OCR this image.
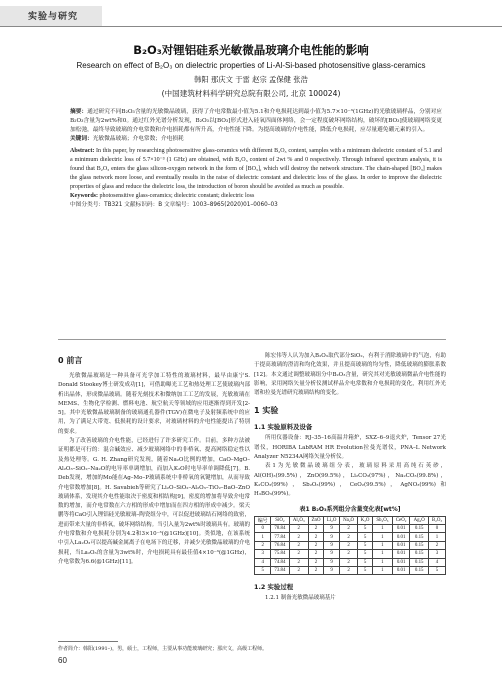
实验与研究
B₂O₃对锂铝硅系光敏微晶玻璃介电性能的影响
Research on effect of B₂O₃ on dielectric properties of Li-Al-Si-based photosensitive glass-ceramics
韩阳 那庆文 于雷 赵宗 孟保健 张浩
(中国建筑材料科学研究总院有限公司, 北京 100024)
摘要：通过研究不同B₂O₃含量的光敏微晶玻璃，获得了介电常数最小值为5.1和介电损耗达到最小值为5.7×10⁻³(1GHz)的光敏玻璃样品，分别对应B₂O₃含量为2wt%和0。通过红外光谱分析发现，B₂O₃以[BO₃]形式进入硅氧四面体网络，会一定程度破坏网络结构，破坏的[BO₃]使玻璃网络变更加松弛，最终导致玻璃的介电常数和介电损耗都有所升高，介电性能下降。为提高玻璃的介电性能，降低介电损耗，应尽量避免硼元素的引入。
关键词：光敏微晶玻璃；介电常数；介电损耗
Abstract: In this paper, by researching photosensitive glass-ceramics with different B₂O₃ content, samples with a minimum dielectric constant of 5.1 and a minimum dielectric loss of 5.7×10⁻³ (1 GHz) are obtained, with B₂O₃ content of 2wt % and 0 respectively. Through infrared spectrum analysis, it is found that B₂O₃ enters the glass silicon-oxygen network in the form of [BO₃], which will destroy the network structure. The chain-shaped [BO₃] makes the glass network more loose, and eventually results in the raise of dielectric constant and dielectric loss of the glass. In order to improve the dielectric properties of glass and reduce the dielectric loss, the introduction of boron should be avoided as much as possible.
Keywords: photosensitive glass-ceramics; dielectric constant; dielectric loss
中图分类号：TB321 文献标识码：B 文章编号：1003–8965(2020)01–0060–03
0 前言

光敏微晶玻璃是一种具备可光学加工特性的玻璃材料，最早由康宁S. Donald Stookey博士研发成功[1]，可借助曝光工艺和热处理工艺使玻璃内部析出晶体，形成微晶玻璃。随着光刻技术和微纳加工工艺的发展，光敏玻璃在MEMS、生物化学检测、燃料电池、航空航天等领域的应用逐渐得到开发[2-5]。其中光敏微晶玻璃制备的玻璃通孔器件(TGV)在微电子及射频系统中的应用，为了满足大带宽、低损耗的设计要求，对玻璃材料的介电性能提出了特别的要求。

为了改善玻璃的介电性能，已经进行了许多研究工作。目前，多种方法被证明都是可行的：混合碱效应、减少玻璃网络中的非桥氧、提高网络稳定性以及热处理等。G. H. Zhang研究发现，随着Na₂O比例的增加，CaO–MgO–Al₂O₃–SiO₂–Na₂O的电导率单调增加，而加入K₂O时电导率单调降低[7]。B. Deb发现，增加的Mo能在Ag–Mo–P玻璃系统中非桥氧的氧键增加，从而导致介电常数增加[8]。H. Savabieh等研究了Li₂O–SiO₂–Al₂O₃–TiO₂–BaO–ZnO玻璃体系，发现其介电性能取决于密度和相结构[9]，密度的增加将导致介电常数的增加，而介电常数在六方相的形成中增加而在四方相的形成中减少。梁天鹏等将CaO引入锂铝硅光敏玻璃–陶瓷组分中，可以促进玻璃结石网络的致密，进而带来大量的非桥氧，破坏网络结构。当引入量为2wt%时玻璃具有。玻璃的介电常数和介电损耗分别为4.2和3×10⁻³(@1GHz)[10]。类似地，在该系统中引入La₂O₃可以提高碱金属离子在电场下的迁移，并减少光敏微晶玻璃的介电损耗，当La₂O₃的含量为3wt%时，介电损耗具有最佳值4×10⁻³(@1GHz)，介电常数为6.6(@1GHz)[11]。

陈宏伟等人认为加入B₂O₃取代部分SiO₂，有利于消除玻璃中的气泡，有助于提高玻璃的澄清和均化效果，并且提高玻璃的均匀性，降低玻璃的膨胀系数[12]。本文通过调整玻璃组分中B₂O₃含量，研究其对光敏玻璃微晶介电性能的影响，采用网络矢量分析仪测试样品介电常数和介电损耗的变化，利用红外光谱和拉曼光谱研究玻璃结构的变化。

1 实验
1.1 实验原料及设备

所用仪器设备：RJ–35–16高温井箱炉，SXZ–6–9退火炉，Tensor 27光谱仪，HORIBA LabRAM HR Evolution拉曼光谱仪，PNA–L Network Analyzer N5234A网络矢量分析仪。

表1为光敏微晶玻璃组分表，玻璃原料采用高纯石英砂，Al(OH)₃(99.5%)，ZnO(99.5%)，Li₂CO₃(97%)，Na₂CO₃(99.8%)，K₂CO₃(99%)，Sb₂O₃(99%)，CeO₂(99.5%)，AgNO₃(99%)和H₃BO₃(99%)。

表1 B₂O₃系列组分含量变化表[wt%]
编号	SiO₂	Al₂O₃	ZnO	Li₂O	Na₂O	K₂O	Sb₂O₃	CeO₂	Ag₂O	B₂O₃
0	78.84	2	2	9	2	5	1	0.01	0.15	0
1	77.84	2	2	9	2	5	1	0.01	0.15	1
2	76.84	2	2	9	2	5	1	0.01	0.15	2
3	75.84	2	2	9	2	5	1	0.01	0.15	3
4	74.84	2	2	9	2	5	1	0.01	0.15	4
5	73.84	2	2	9	2	5	1	0.01	0.15	5
1.2 实验过程
1.2.1 制备光敏微晶玻璃基片
作者简介：韩阳(1991–)，男，硕士，工程师，主要从事功能玻璃研究；那庆文，高级工程师。
60
